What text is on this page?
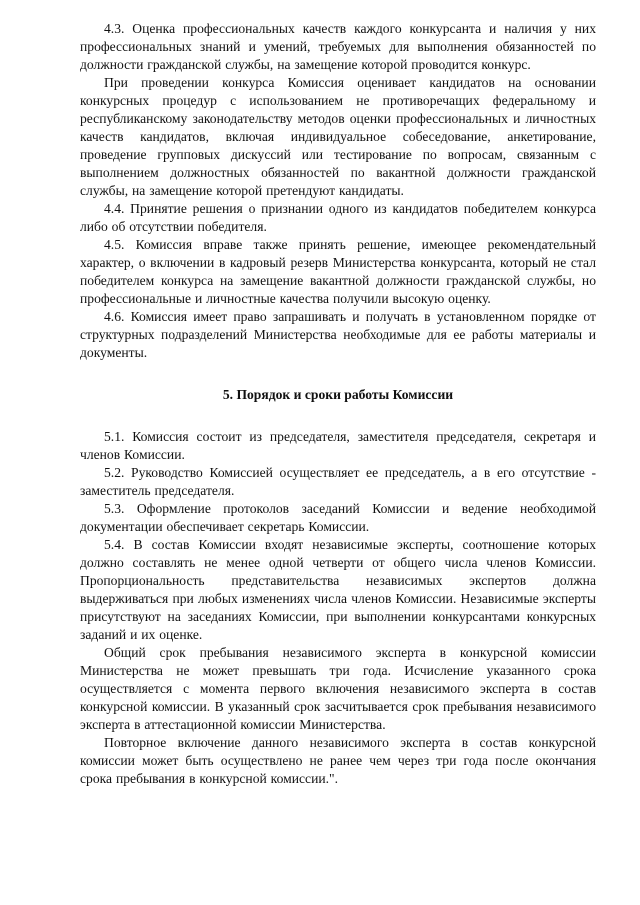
4.3. Оценка профессиональных качеств каждого конкурсанта и наличия у них профессиональных знаний и умений, требуемых для выполнения обязанностей по должности гражданской службы, на замещение которой проводится конкурс.

При проведении конкурса Комиссия оценивает кандидатов на основании конкурсных процедур с использованием не противоречащих федеральному и республиканскому законодательству методов оценки профессиональных и личностных качеств кандидатов, включая индивидуальное собеседование, анкетирование, проведение групповых дискуссий или тестирование по вопросам, связанным с выполнением должностных обязанностей по вакантной должности гражданской службы, на замещение которой претендуют кандидаты.

4.4. Принятие решения о признании одного из кандидатов победителем конкурса либо об отсутствии победителя.

4.5. Комиссия вправе также принять решение, имеющее рекомендательный характер, о включении в кадровый резерв Министерства конкурсанта, который не стал победителем конкурса на замещение вакантной должности гражданской службы, но профессиональные и личностные качества получили высокую оценку.

4.6. Комиссия имеет право запрашивать и получать в установленном порядке от структурных подразделений Министерства необходимые для ее работы материалы и документы.

5. Порядок и сроки работы Комиссии

5.1. Комиссия состоит из председателя, заместителя председателя, секретаря и членов Комиссии.

5.2. Руководство Комиссией осуществляет ее председатель, а в его отсутствие - заместитель председателя.

5.3. Оформление протоколов заседаний Комиссии и ведение необходимой документации обеспечивает секретарь Комиссии.

5.4. В состав Комиссии входят независимые эксперты, соотношение которых должно составлять не менее одной четверти от общего числа членов Комиссии. Пропорциональность представительства независимых экспертов должна выдерживаться при любых изменениях числа членов Комиссии. Независимые эксперты присутствуют на заседаниях Комиссии, при выполнении конкурсантами конкурсных заданий и их оценке.

Общий срок пребывания независимого эксперта в конкурсной комиссии Министерства не может превышать три года. Исчисление указанного срока осуществляется с момента первого включения независимого эксперта в состав конкурсной комиссии. В указанный срок засчитывается срок пребывания независимого эксперта в аттестационной комиссии Министерства.

Повторное включение данного независимого эксперта в состав конкурсной комиссии может быть осуществлено не ранее чем через три года после окончания срока пребывания в конкурсной комиссии.".
